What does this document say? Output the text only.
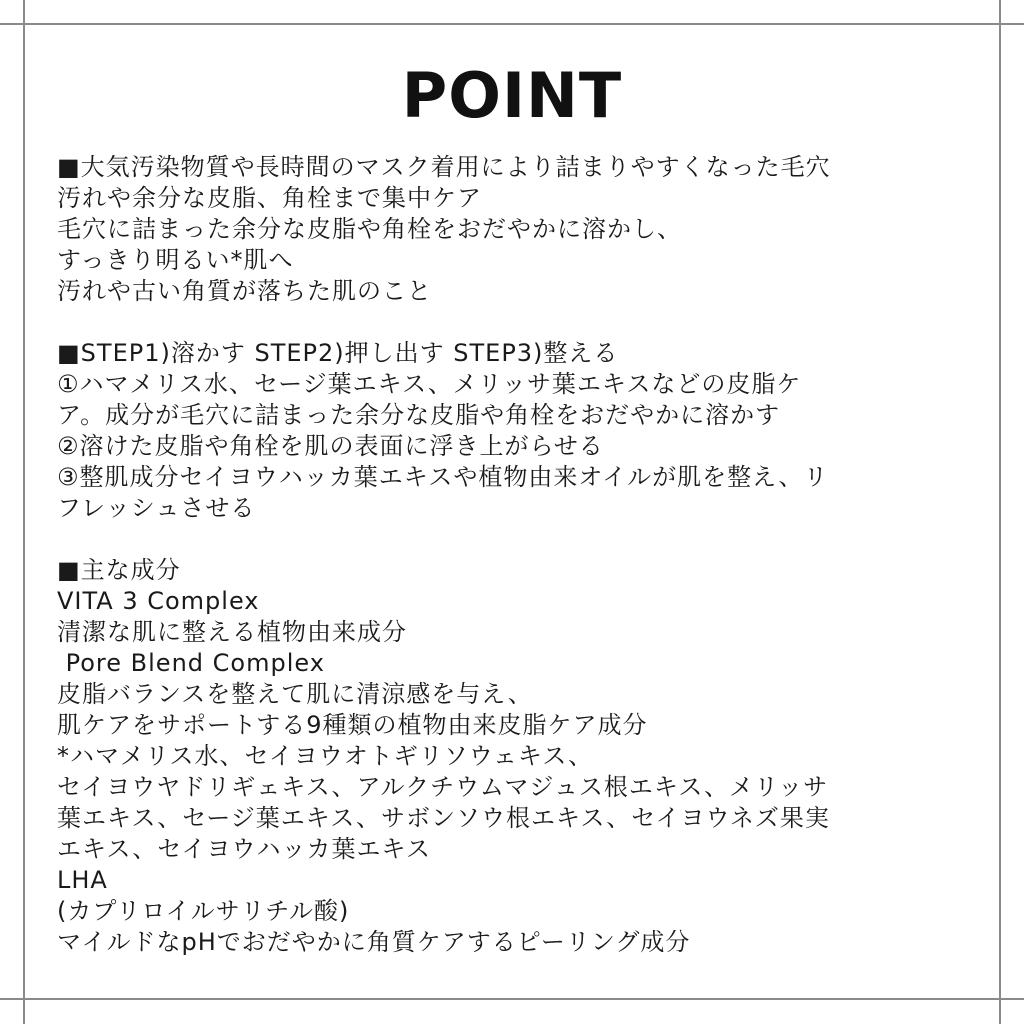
POINT
■大気汚染物質や長時間のマスク着用により詰まりやすくなった毛穴
汚れや余分な皮脂、角栓まで集中ケア
毛穴に詰まった余分な皮脂や角栓をおだやかに溶かし、
すっきり明るい*肌へ
汚れや古い角質が落ちた肌のこと
■STEP1)溶かす STEP2)押し出す STEP3)整える
①ハマメリス水、セージ葉エキス、メリッサ葉エキスなどの皮脂ケ
ア。成分が毛穴に詰まった余分な皮脂や角栓をおだやかに溶かす
②溶けた皮脂や角栓を肌の表面に浮き上がらせる
③整肌成分セイヨウハッカ葉エキスや植物由来オイルが肌を整え、リ
フレッシュさせる
■主な成分
VITA 3 Complex
清潔な肌に整える植物由来成分
Pore Blend Complex
皮脂バランスを整えて肌に清涼感を与え、
肌ケアをサポートする9種類の植物由来皮脂ケア成分
*ハマメリス水、セイヨウオトギリソウェキス、
セイヨウヤドリギェキス、アルクチウムマジュス根エキス、メリッサ
葉エキス、セージ葉エキス、サボンソウ根エキス、セイヨウネズ果実
エキス、セイヨウハッカ葉エキス
LHA
(カプリロイルサリチル酸)
マイルドなpHでおだやかに角質ケアするピーリング成分
